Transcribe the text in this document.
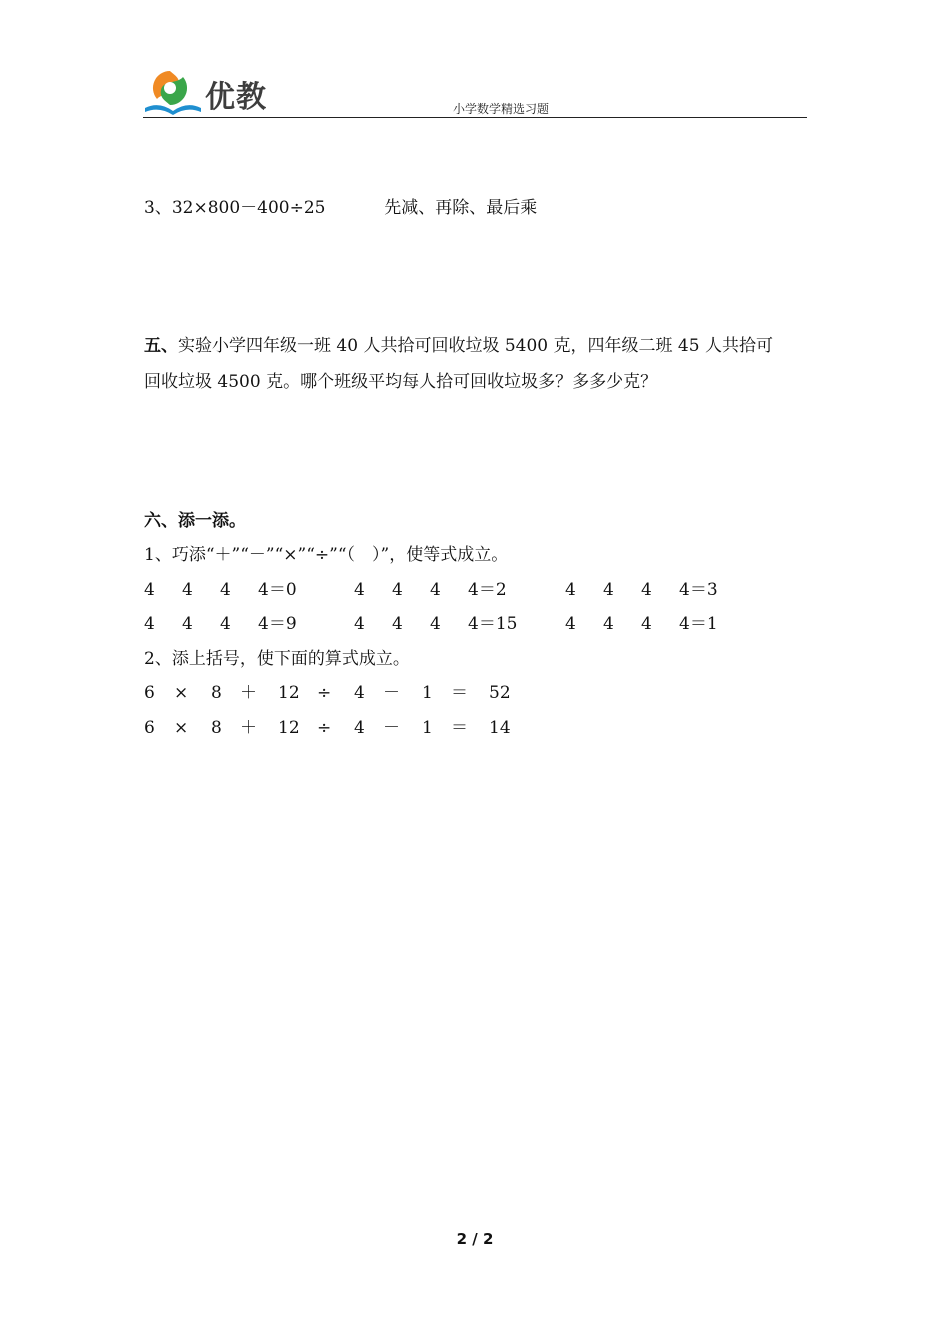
优教	小学数学精选习题
3、32×800－400÷25	先减、再除、最后乘
五、实验小学四年级一班 40 人共拾可回收垃圾 5400 克，四年级二班 45 人共拾可
回收垃圾 4500 克。哪个班级平均每人拾可回收垃圾多？多多少克？
六、添一添。
1、巧添“＋”“－”“×”“÷”“（　）”，使等式成立。
4 4 4 4＝0	4 4 4 4＝2	4 4 4 4＝3
4 4 4 4＝9	4 4 4 4＝15	4 4 4 4＝1
2、添上括号，使下面的算式成立。
6 × 8 ＋ 12 ÷ 4 － 1 ＝ 52
6 × 8 ＋ 12 ÷ 4 － 1 ＝ 14
2 / 2
